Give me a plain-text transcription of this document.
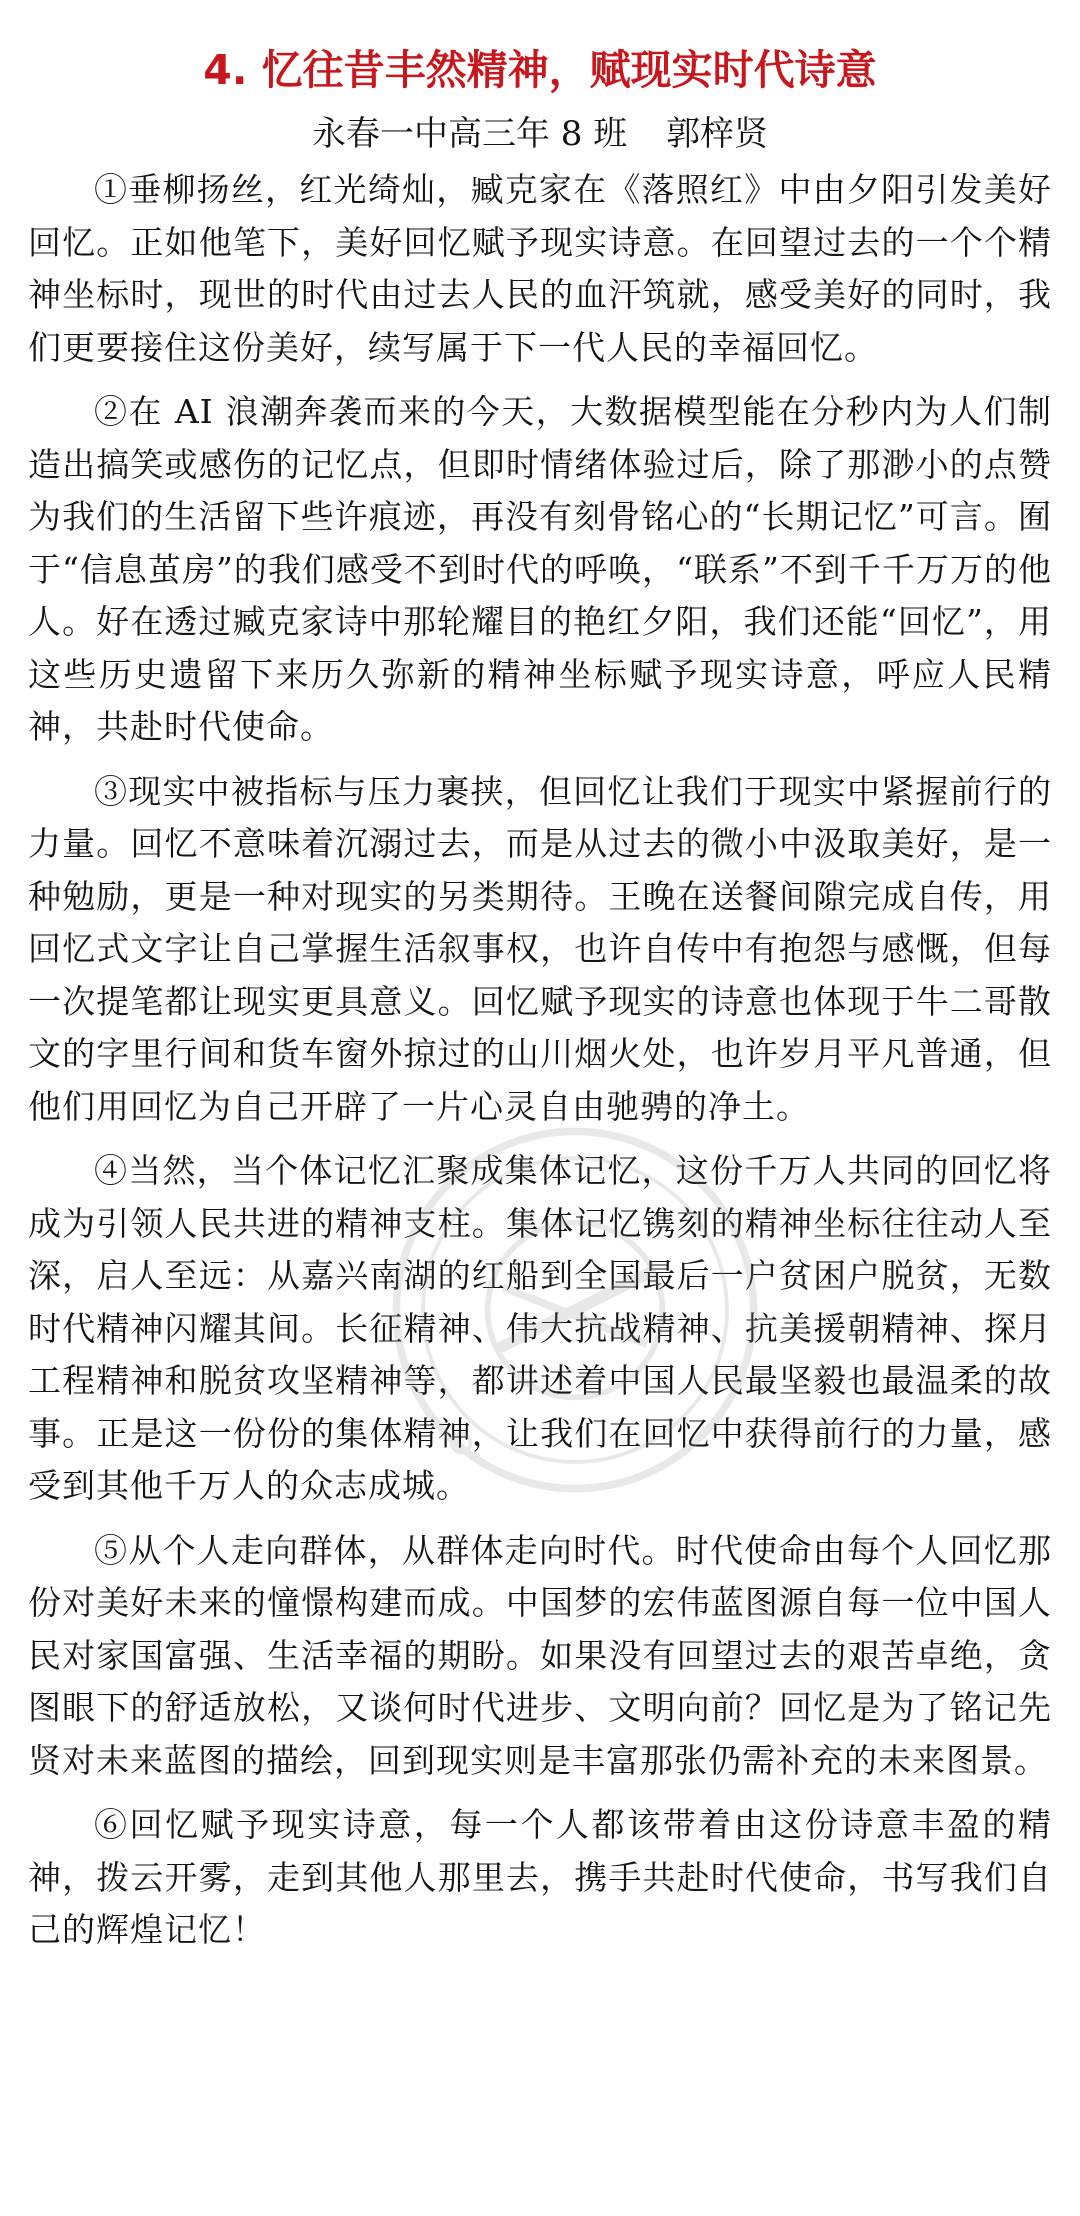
4. 忆往昔丰然精神，赋现实时代诗意
永春一中高三年 8 班 郭梓贤

①垂柳扬丝，红光绮灿，臧克家在《落照红》中由夕阳引发美好回忆。正如他笔下，美好回忆赋予现实诗意。在回望过去的一个个精神坐标时，现世的时代由过去人民的血汗筑就，感受美好的同时，我们更要接住这份美好，续写属于下一代人民的幸福回忆。

②在 AI 浪潮奔袭而来的今天，大数据模型能在分秒内为人们制造出搞笑或感伤的记忆点，但即时情绪体验过后，除了那渺小的点赞为我们的生活留下些许痕迹，再没有刻骨铭心的“长期记忆”可言。囿于“信息茧房”的我们感受不到时代的呼唤，“联系”不到千千万万的他人。好在透过臧克家诗中那轮耀目的艳红夕阳，我们还能“回忆”，用这些历史遗留下来历久弥新的精神坐标赋予现实诗意，呼应人民精神，共赴时代使命。

③现实中被指标与压力裹挟，但回忆让我们于现实中紧握前行的力量。回忆不意味着沉溺过去，而是从过去的微小中汲取美好，是一种勉励，更是一种对现实的另类期待。王晚在送餐间隙完成自传，用回忆式文字让自己掌握生活叙事权，也许自传中有抱怨与感慨，但每一次提笔都让现实更具意义。回忆赋予现实的诗意也体现于牛二哥散文的字里行间和货车窗外掠过的山川烟火处，也许岁月平凡普通，但他们用回忆为自己开辟了一片心灵自由驰骋的净土。

④当然，当个体记忆汇聚成集体记忆，这份千万人共同的回忆将成为引领人民共进的精神支柱。集体记忆镌刻的精神坐标往往动人至深，启人至远：从嘉兴南湖的红船到全国最后一户贫困户脱贫，无数时代精神闪耀其间。长征精神、伟大抗战精神、抗美援朝精神、探月工程精神和脱贫攻坚精神等，都讲述着中国人民最坚毅也最温柔的故事。正是这一份份的集体精神，让我们在回忆中获得前行的力量，感受到其他千万人的众志成城。

⑤从个人走向群体，从群体走向时代。时代使命由每个人回忆那份对美好未来的憧憬构建而成。中国梦的宏伟蓝图源自每一位中国人民对家国富强、生活幸福的期盼。如果没有回望过去的艰苦卓绝，贪图眼下的舒适放松，又谈何时代进步、文明向前？回忆是为了铭记先贤对未来蓝图的描绘，回到现实则是丰富那张仍需补充的未来图景。

⑥回忆赋予现实诗意，每一个人都该带着由这份诗意丰盈的精神，拨云开雾，走到其他人那里去，携手共赴时代使命，书写我们自己的辉煌记忆！
